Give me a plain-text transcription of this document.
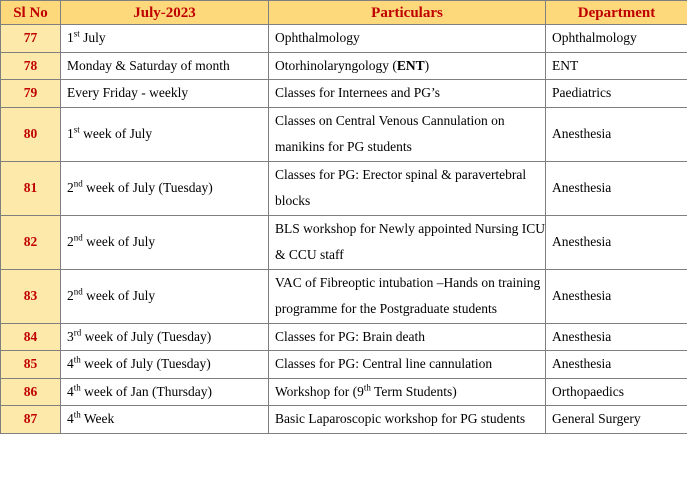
Sl No	July-2023	Particulars	Department
77	1st July	Ophthalmology	Ophthalmology
78	Monday & Saturday of month	Otorhinolaryngology (ENT)	ENT
79	Every Friday - weekly	Classes for Internees and PG’s	Paediatrics
80	1st week of July	Classes on Central Venous Cannulation on manikins for PG students	Anesthesia
81	2nd week of July (Tuesday)	Classes for PG: Erector spinal & paravertebral blocks	Anesthesia
82	2nd week of July	BLS workshop for Newly appointed Nursing ICU & CCU staff	Anesthesia
83	2nd week of July	VAC of Fibreoptic intubation –Hands on training programme for the Postgraduate students	Anesthesia
84	3rd week of July (Tuesday)	Classes for PG: Brain death	Anesthesia
85	4th week of July (Tuesday)	Classes for PG: Central line cannulation	Anesthesia
86	4th week of Jan (Thursday)	Workshop for (9th Term Students)	Orthopaedics
87	4th Week	Basic Laparoscopic workshop for PG students	General Surgery
